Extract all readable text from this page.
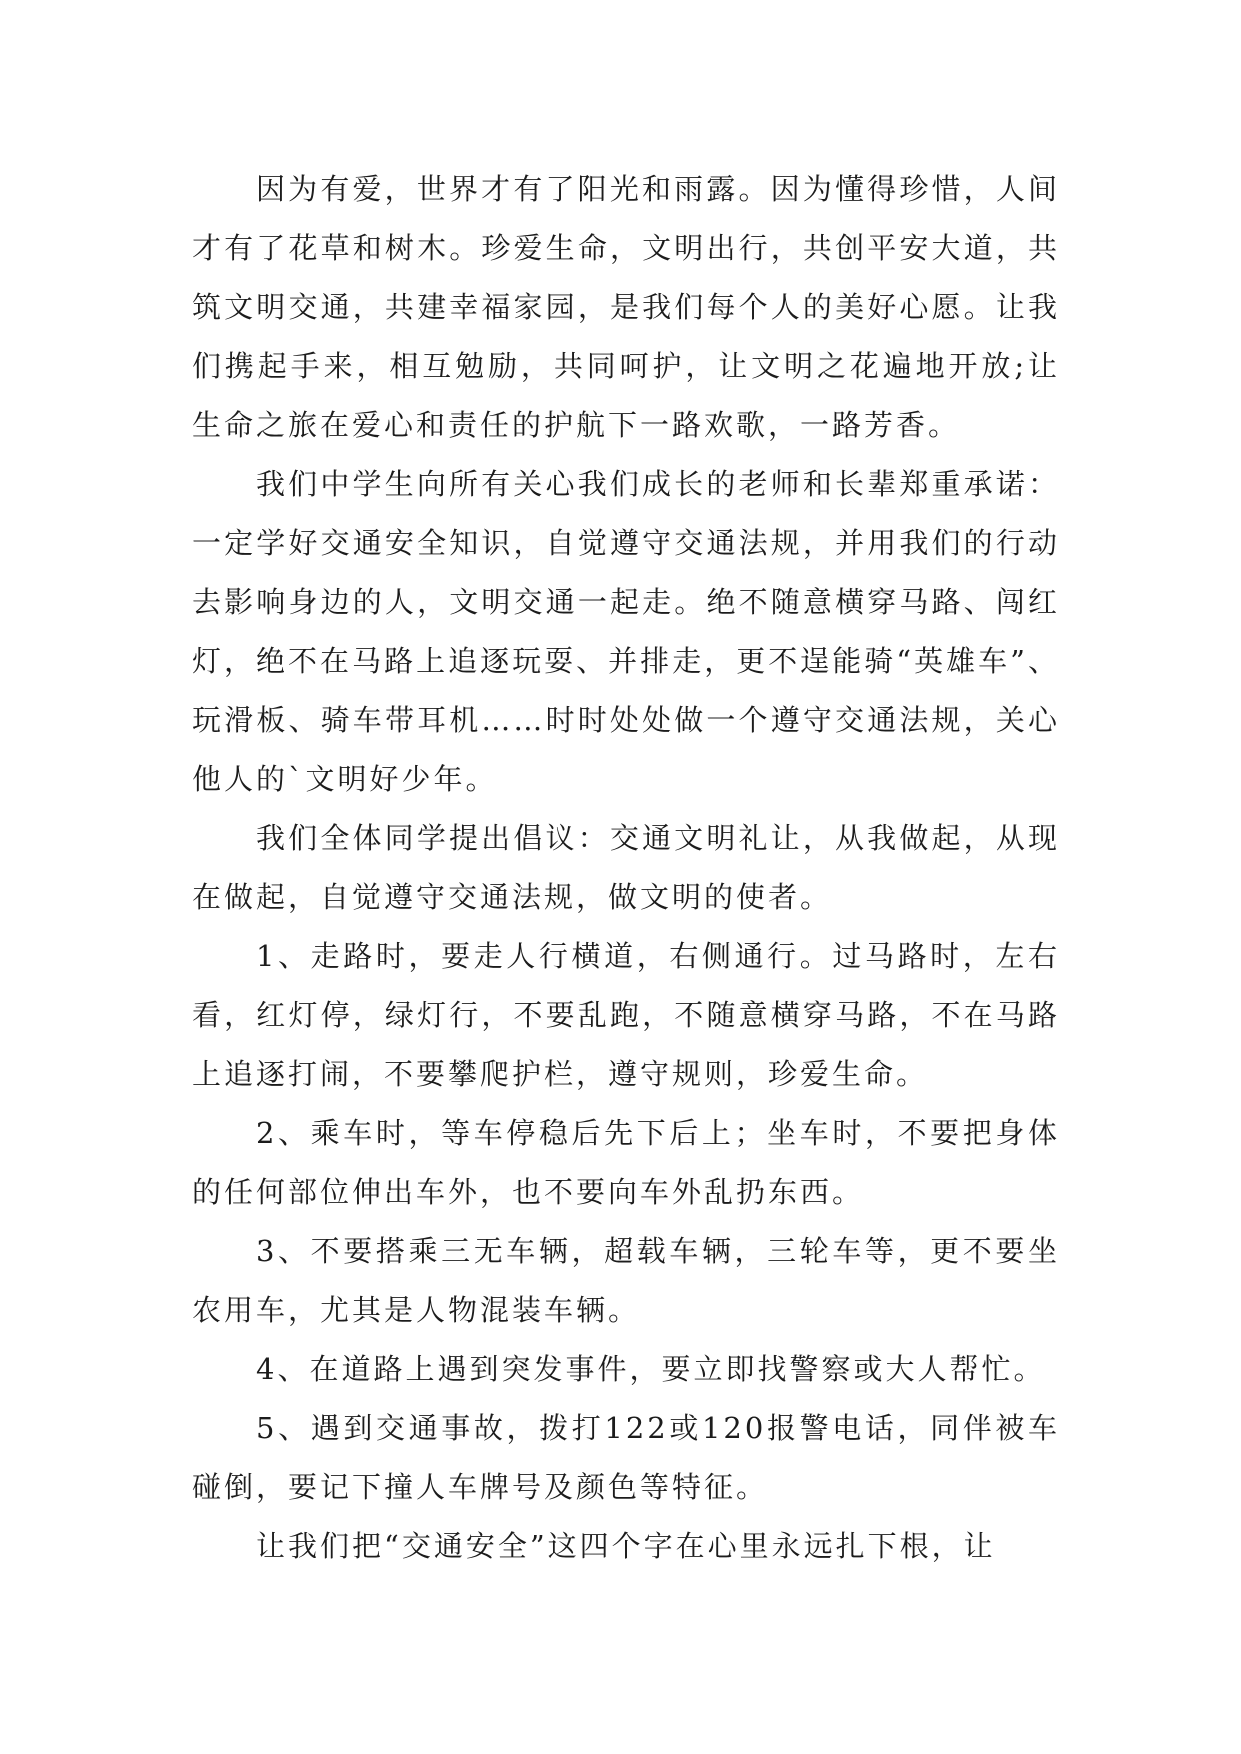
因为有爱，世界才有了阳光和雨露。因为懂得珍惜，人间才有了花草和树木。珍爱生命，文明出行，共创平安大道，共筑文明交通，共建幸福家园，是我们每个人的美好心愿。让我们携起手来，相互勉励，共同呵护，让文明之花遍地开放;让生命之旅在爱心和责任的护航下一路欢歌，一路芳香。

我们中学生向所有关心我们成长的老师和长辈郑重承诺：一定学好交通安全知识，自觉遵守交通法规，并用我们的行动去影响身边的人，文明交通一起走。绝不随意横穿马路、闯红灯，绝不在马路上追逐玩耍、并排走，更不逞能骑“英雄车”、玩滑板、骑车带耳机……时时处处做一个遵守交通法规，关心他人的`文明好少年。

我们全体同学提出倡议：交通文明礼让，从我做起，从现在做起，自觉遵守交通法规，做文明的使者。

1、走路时，要走人行横道，右侧通行。过马路时，左右看，红灯停，绿灯行，不要乱跑，不随意横穿马路，不在马路上追逐打闹，不要攀爬护栏，遵守规则，珍爱生命。

2、乘车时，等车停稳后先下后上；坐车时，不要把身体的任何部位伸出车外，也不要向车外乱扔东西。

3、不要搭乘三无车辆，超载车辆，三轮车等，更不要坐农用车，尤其是人物混装车辆。

4、在道路上遇到突发事件，要立即找警察或大人帮忙。

5、遇到交通事故，拨打122或120报警电话，同伴被车碰倒，要记下撞人车牌号及颜色等特征。

让我们把“交通安全”这四个字在心里永远扎下根，让
